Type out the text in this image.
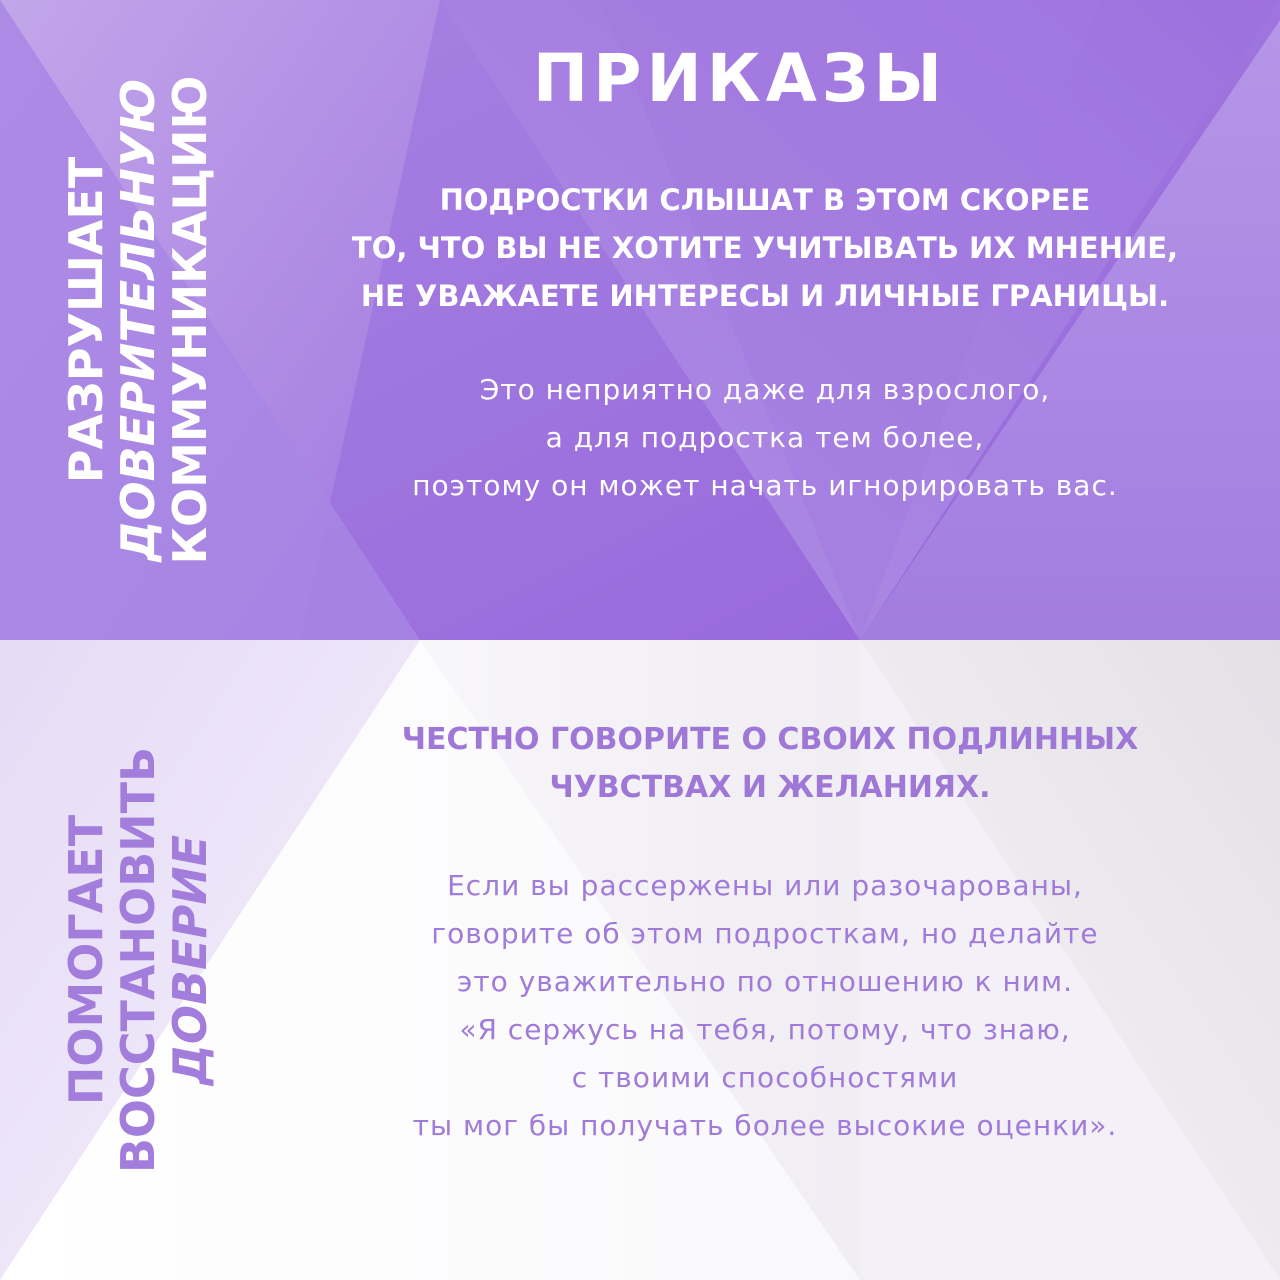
РАЗРУШАЕТ
ДОВЕРИТЕЛЬНУЮ
КОММУНИКАЦИЮ	ПРИКАЗЫ
ПОДРОСТКИ СЛЫШАТ В ЭТОМ СКОРЕЕ
ТО, ЧТО ВЫ НЕ ХОТИТЕ УЧИТЫВАТЬ ИХ МНЕНИЕ,
НЕ УВАЖАЕТЕ ИНТЕРЕСЫ И ЛИЧНЫЕ ГРАНИЦЫ.
Это неприятно даже для взрослого,
а для подростка тем более,
поэтому он может начать игнорировать вас.
ПОМОГАЕТ
ВОССТАНОВИТЬ
ДОВЕРИЕ
ЧЕСТНО ГОВОРИТЕ О СВОИХ ПОДЛИННЫХ
ЧУВСТВАХ И ЖЕЛАНИЯХ.
Если вы рассержены или разочарованы,
говорите об этом подросткам, но делайте
это уважительно по отношению к ним.
«Я сержусь на тебя, потому, что знаю,
с твоими способностями
ты мог бы получать более высокие оценки».
